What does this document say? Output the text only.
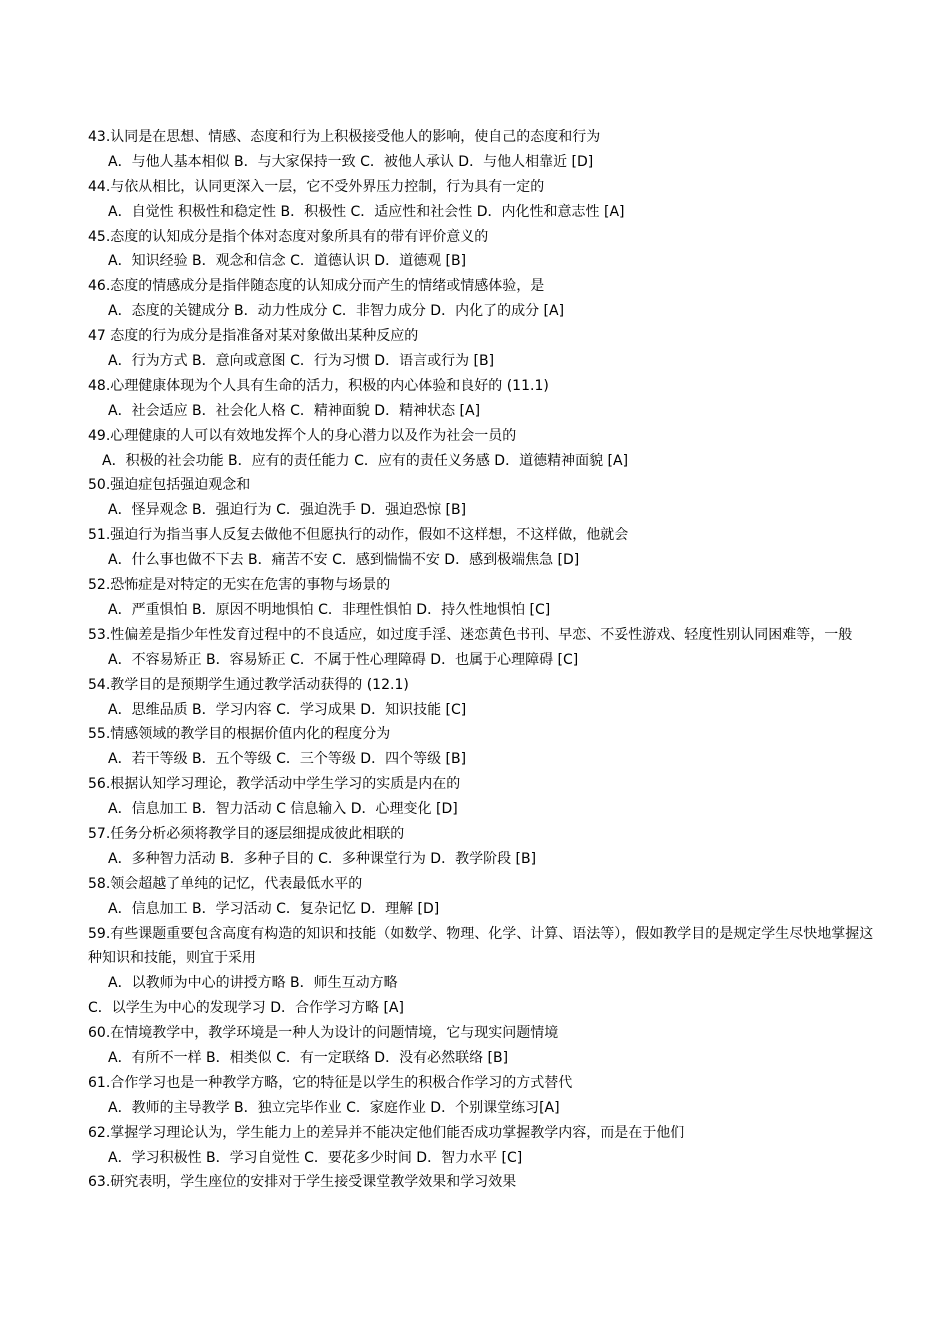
43.认同是在思想、情感、态度和行为上积极接受他人的影响，使自己的态度和行为
A．与他人基本相似 B．与大家保持一致 C．被他人承认 D．与他人相靠近 [D]
44.与依从相比，认同更深入一层，它不受外界压力控制，行为具有一定的
A．自觉性 积极性和稳定性 B．积极性 C．适应性和社会性 D．内化性和意志性 [A]
45.态度的认知成分是指个体对态度对象所具有的带有评价意义的
A．知识经验 B．观念和信念 C．道德认识 D．道德观 [B]
46.态度的情感成分是指伴随态度的认知成分而产生的情绪或情感体验，是
A．态度的关键成分 B．动力性成分 C．非智力成分 D．内化了的成分 [A]
47 态度的行为成分是指准备对某对象做出某种反应的
A．行为方式 B．意向或意图 C．行为习惯 D．语言或行为 [B]
48.心理健康体现为个人具有生命的活力，积极的内心体验和良好的 (11.1)
A．社会适应 B．社会化人格 C．精神面貌 D．精神状态 [A]
49.心理健康的人可以有效地发挥个人的身心潜力以及作为社会一员的
A．积极的社会功能 B．应有的责任能力 C．应有的责任义务感 D．道德精神面貌 [A]
50.强迫症包括强迫观念和
A．怪异观念 B．强迫行为 C．强迫洗手 D．强迫恐惊 [B]
51.强迫行为指当事人反复去做他不但愿执行的动作，假如不这样想，不这样做，他就会
A．什么事也做不下去 B．痛苦不安 C．感到惴惴不安 D．感到极端焦急 [D]
52.恐怖症是对特定的无实在危害的事物与场景的
A．严重惧怕 B．原因不明地惧怕 C．非理性惧怕 D．持久性地惧怕 [C]
53.性偏差是指少年性发育过程中的不良适应，如过度手淫、迷恋黄色书刊、早恋、不妥性游戏、轻度性别认同困难等，一般
A．不容易矫正 B．容易矫正 C．不属于性心理障碍 D．也属于心理障碍 [C]
54.教学目的是预期学生通过教学活动获得的 (12.1)
A．思维品质 B．学习内容 C．学习成果 D．知识技能 [C]
55.情感领域的教学目的根据价值内化的程度分为
A．若干等级 B．五个等级 C．三个等级 D．四个等级 [B]
56.根据认知学习理论，教学活动中学生学习的实质是内在的
A．信息加工 B．智力活动 C 信息输入 D．心理变化 [D]
57.任务分析必须将教学目的逐层细提成彼此相联的
A．多种智力活动 B．多种子目的 C．多种课堂行为 D．教学阶段 [B]
58.领会超越了单纯的记忆，代表最低水平的
A．信息加工 B．学习活动 C．复杂记忆 D．理解 [D]
59.有些课题重要包含高度有构造的知识和技能（如数学、物理、化学、计算、语法等），假如教学目的是规定学生尽快地掌握这种知识和技能，则宜于采用
A．以教师为中心的讲授方略 B．师生互动方略
C．以学生为中心的发现学习 D．合作学习方略 [A]
60.在情境教学中，教学环境是一种人为设计的问题情境，它与现实问题情境
A．有所不一样 B．相类似 C．有一定联络 D．没有必然联络 [B]
61.合作学习也是一种教学方略，它的特征是以学生的积极合作学习的方式替代
A．教师的主导教学 B．独立完毕作业 C．家庭作业 D．个别课堂练习[A]
62.掌握学习理论认为，学生能力上的差异并不能决定他们能否成功掌握教学内容，而是在于他们
A．学习积极性 B．学习自觉性 C．要花多少时间 D．智力水平 [C]
63.研究表明，学生座位的安排对于学生接受课堂教学效果和学习效果
